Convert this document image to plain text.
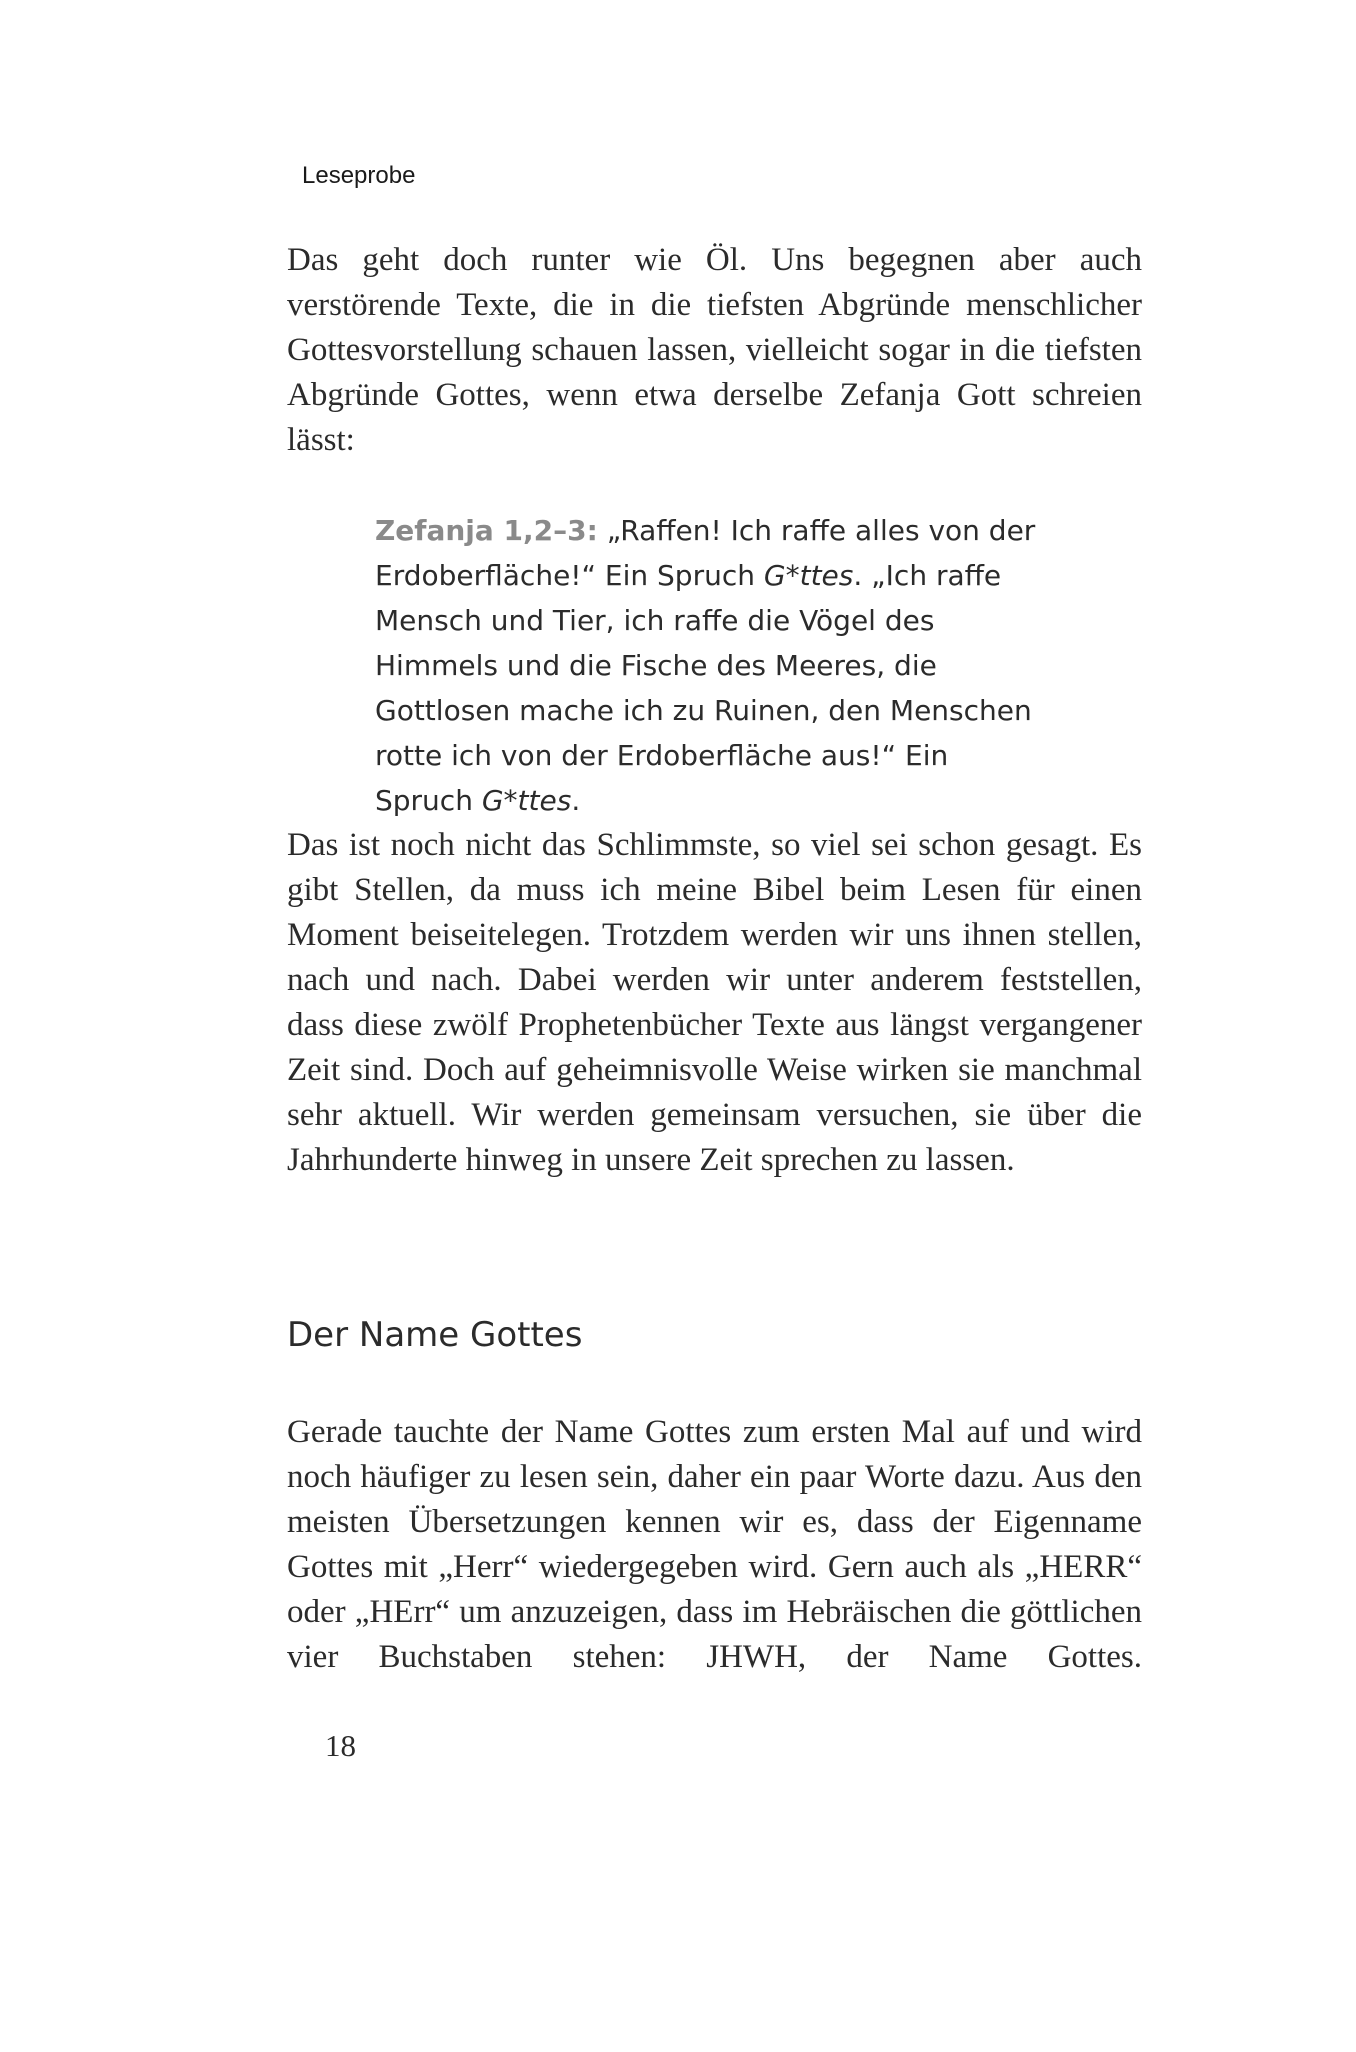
Leseprobe

Das geht doch runter wie Öl. Uns begegnen aber auch verstörende Texte, die in die tiefsten Abgründe menschlicher Gottesvorstellung schauen lassen, vielleicht sogar in die tiefsten Abgründe Gottes, wenn etwa derselbe Zefanja Gott schreien lässt:

Zefanja 1,2–3: „Raffen! Ich raffe alles von der Erdoberfläche!“ Ein Spruch G*ttes. „Ich raffe Mensch und Tier, ich raffe die Vögel des Himmels und die Fische des Meeres, die Gottlosen mache ich zu Ruinen, den Menschen rotte ich von der Erdoberfläche aus!“ Ein Spruch G*ttes.

Das ist noch nicht das Schlimmste, so viel sei schon gesagt. Es gibt Stellen, da muss ich meine Bibel beim Lesen für einen Moment beiseitelegen. Trotzdem werden wir uns ihnen stellen, nach und nach. Dabei werden wir unter anderem feststellen, dass diese zwölf Prophetenbücher Texte aus längst vergangener Zeit sind. Doch auf geheimnisvolle Weise wirken sie manchmal sehr aktuell. Wir werden gemeinsam versuchen, sie über die Jahrhunderte hinweg in unsere Zeit sprechen zu lassen.

Der Name Gottes

Gerade tauchte der Name Gottes zum ersten Mal auf und wird noch häufiger zu lesen sein, daher ein paar Worte dazu. Aus den meisten Übersetzungen kennen wir es, dass der Eigenname Gottes mit „Herr“ wiedergegeben wird. Gern auch als „HERR“ oder „HErr“ um anzuzeigen, dass im Hebräischen die göttlichen vier Buchstaben stehen: JHWH, der Name Gottes.

18
